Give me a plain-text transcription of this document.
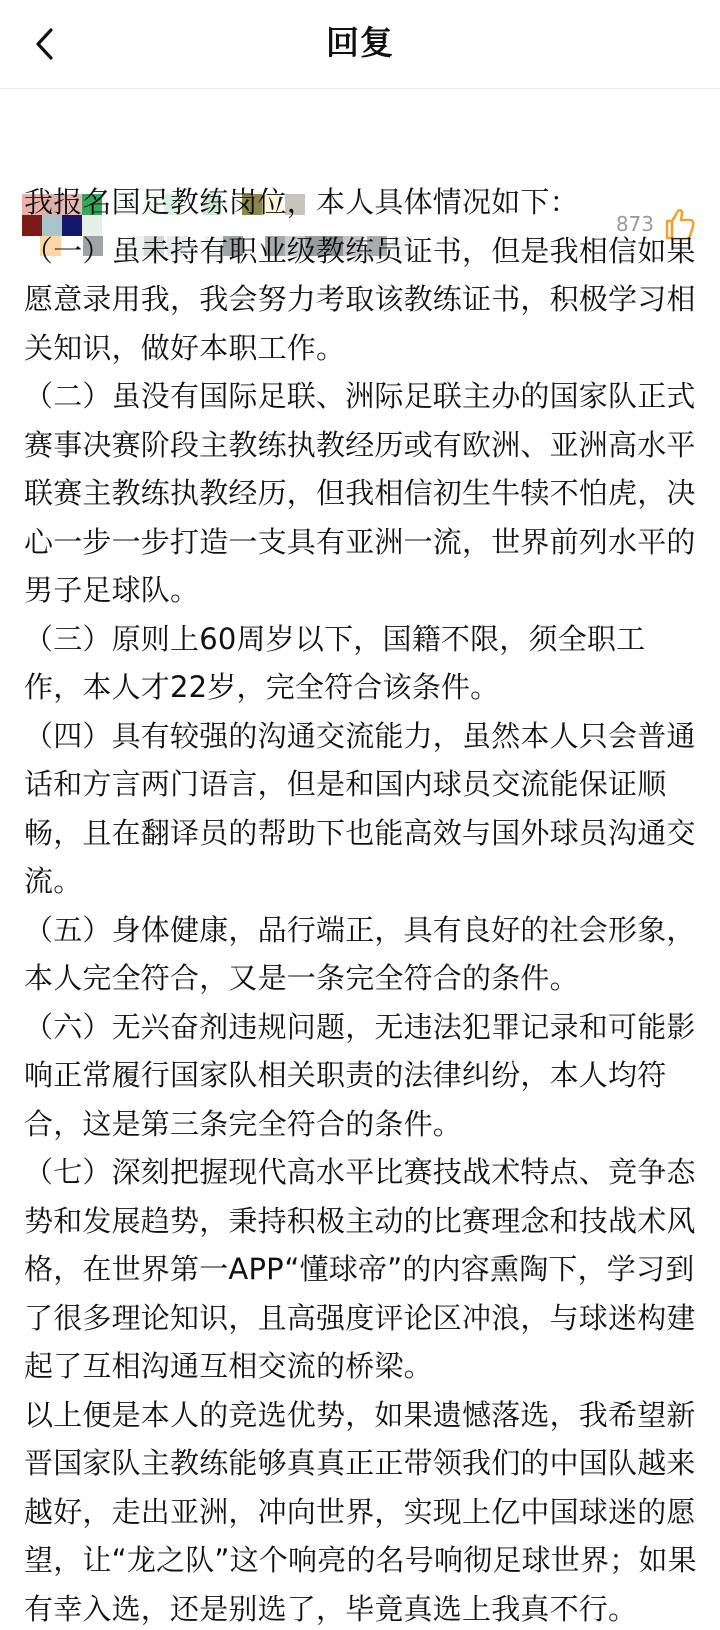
回复
873

我报名国足教练岗位，本人具体情况如下：

（一）虽未持有职业级教练员证书，但是我相信如果愿意录用我，我会努力考取该教练证书，积极学习相关知识，做好本职工作。

（二）虽没有国际足联、洲际足联主办的国家队正式赛事决赛阶段主教练执教经历或有欧洲、亚洲高水平联赛主教练执教经历，但我相信初生牛犊不怕虎，决心一步一步打造一支具有亚洲一流，世界前列水平的男子足球队。

（三）原则上60周岁以下，国籍不限，须全职工作，本人才22岁，完全符合该条件。

（四）具有较强的沟通交流能力，虽然本人只会普通话和方言两门语言，但是和国内球员交流能保证顺畅，且在翻译员的帮助下也能高效与国外球员沟通交流。

（五）身体健康，品行端正，具有良好的社会形象，本人完全符合，又是一条完全符合的条件。

（六）无兴奋剂违规问题，无违法犯罪记录和可能影响正常履行国家队相关职责的法律纠纷，本人均符合，这是第三条完全符合的条件。

（七）深刻把握现代高水平比赛技战术特点、竞争态势和发展趋势，秉持积极主动的比赛理念和技战术风格，在世界第一APP“懂球帝”的内容熏陶下，学习到了很多理论知识，且高强度评论区冲浪，与球迷构建起了互相沟通互相交流的桥梁。

以上便是本人的竞选优势，如果遗憾落选，我希望新晋国家队主教练能够真真正正带领我们的中国队越来越好，走出亚洲，冲向世界，实现上亿中国球迷的愿望，让“龙之队”这个响亮的名号响彻足球世界；如果有幸入选，还是别选了，毕竟真选上我真不行。
